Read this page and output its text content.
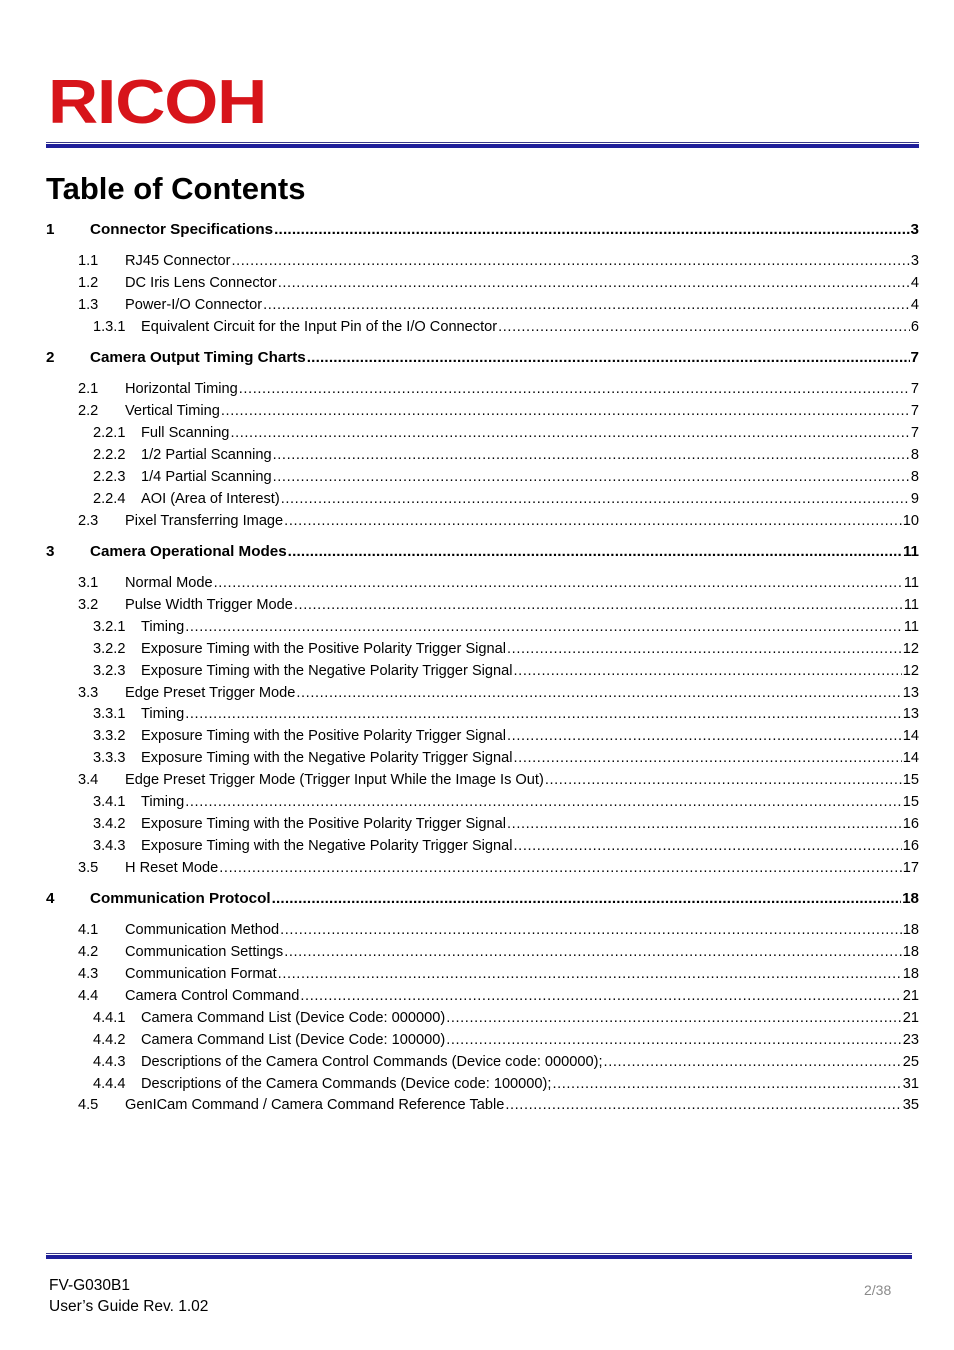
RICOH
Table of Contents
1	Connector Specifications .....	3
1.1	RJ45 Connector .....	3
1.2	DC Iris Lens Connector .....	4
1.3	Power-I/O Connector .....	4
1.3.1	Equivalent Circuit for the Input Pin of the I/O Connector .....	6
2	Camera Output Timing Charts .....	7
2.1	Horizontal Timing .....	7
2.2	Vertical Timing .....	7
2.2.1	Full Scanning .....	7
2.2.2	1/2 Partial Scanning .....	8
2.2.3	1/4 Partial Scanning .....	8
2.2.4	AOI (Area of Interest) .....	9
2.3	Pixel Transferring Image .....	10
3	Camera Operational Modes .....	11
3.1	Normal Mode .....	11
3.2	Pulse Width Trigger Mode .....	11
3.2.1	Timing .....	11
3.2.2	Exposure Timing with the Positive Polarity Trigger Signal .....	12
3.2.3	Exposure Timing with the Negative Polarity Trigger Signal .....	12
3.3	Edge Preset Trigger Mode .....	13
3.3.1	Timing .....	13
3.3.2	Exposure Timing with the Positive Polarity Trigger Signal .....	14
3.3.3	Exposure Timing with the Negative Polarity Trigger Signal .....	14
3.4	Edge Preset Trigger Mode (Trigger Input While the Image Is Out) .....	15
3.4.1	Timing .....	15
3.4.2	Exposure Timing with the Positive Polarity Trigger Signal .....	16
3.4.3	Exposure Timing with the Negative Polarity Trigger Signal .....	16
3.5	H Reset Mode .....	17
4	Communication Protocol .....	18
4.1	Communication Method .....	18
4.2	Communication Settings .....	18
4.3	Communication Format .....	18
4.4	Camera Control Command .....	21
4.4.1	Camera Command List (Device Code: 000000) .....	21
4.4.2	Camera Command List (Device Code: 100000) .....	23
4.4.3	Descriptions of the Camera Control Commands (Device code: 000000); .....	25
4.4.4	Descriptions of the Camera Commands (Device code: 100000); .....	31
4.5	GenICam Command / Camera Command Reference Table .....	35
FV-G030B1
User’s Guide Rev. 1.02
2/38
